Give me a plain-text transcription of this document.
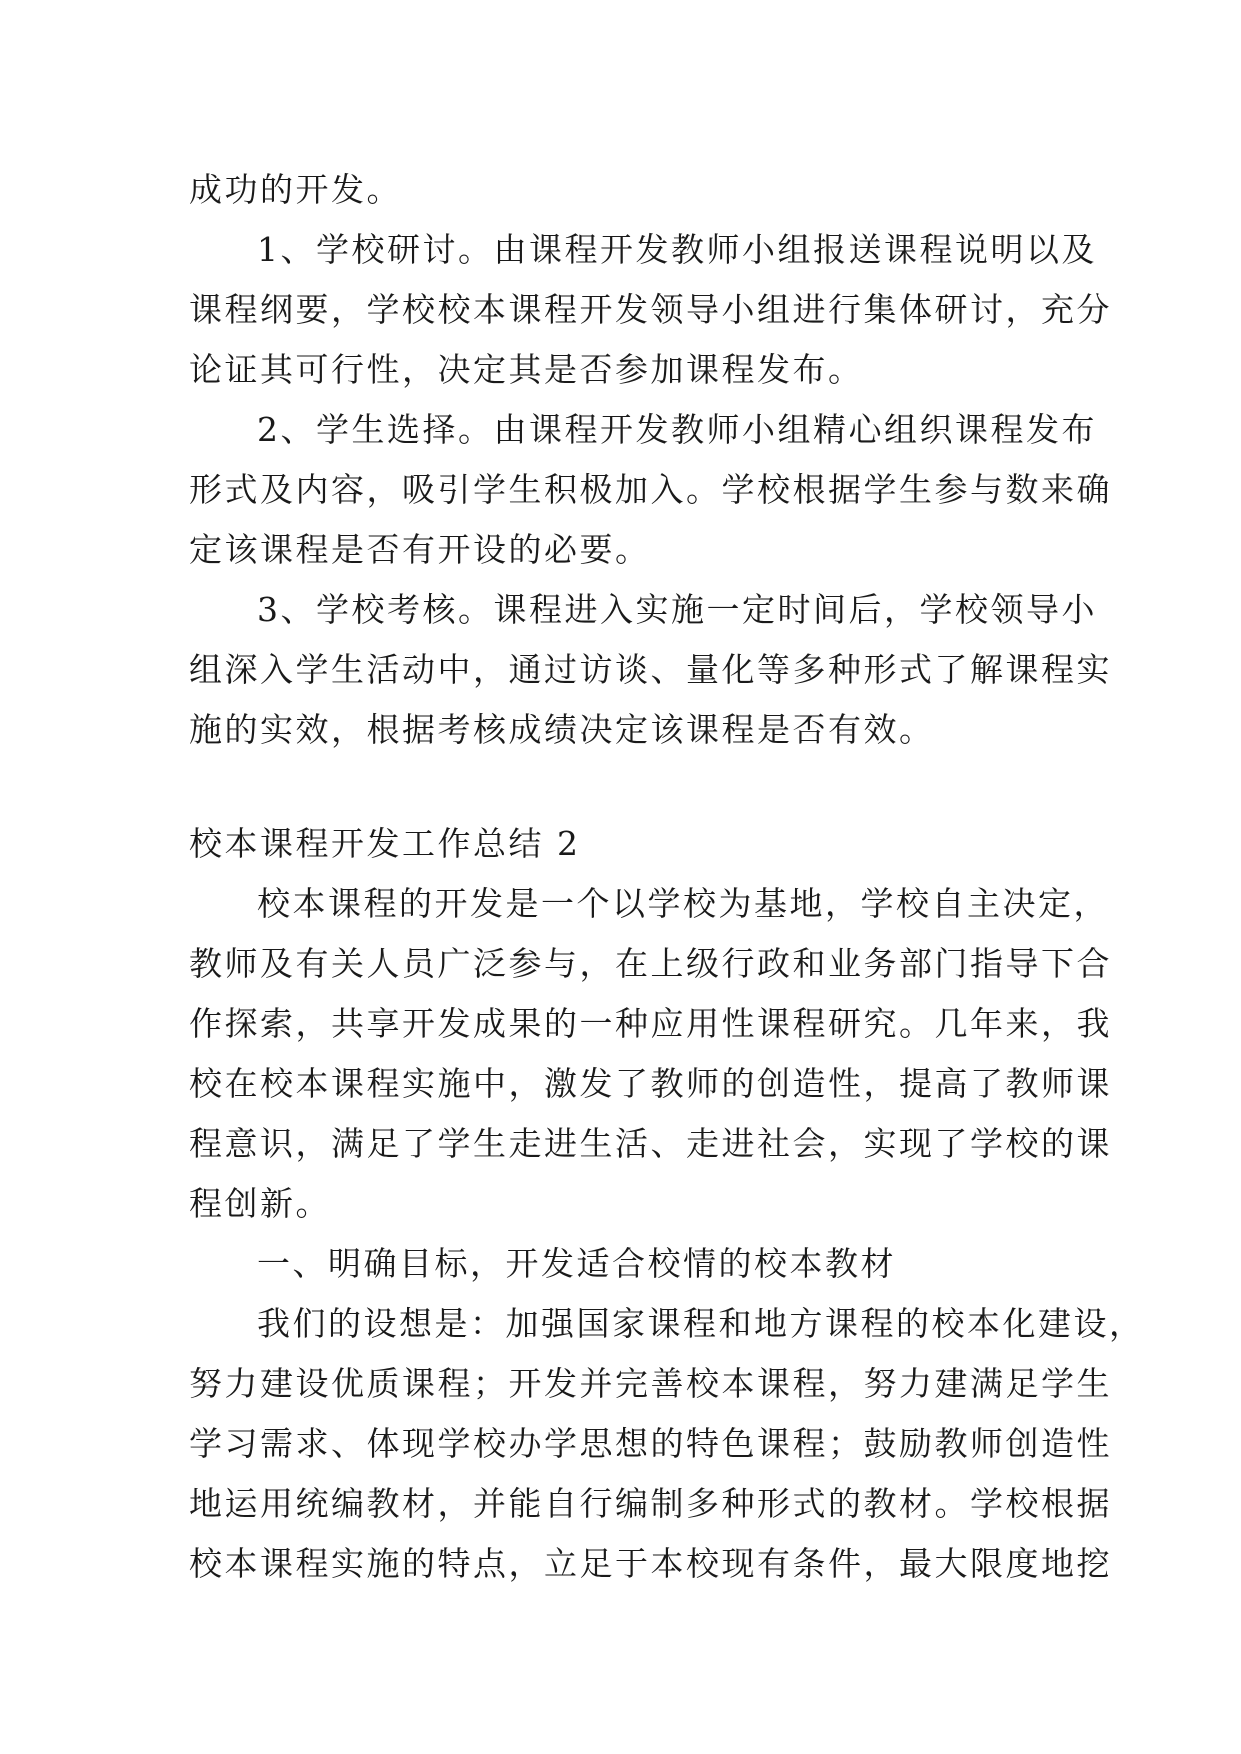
成功的开发。
1、学校研讨。由课程开发教师小组报送课程说明以及
课程纲要，学校校本课程开发领导小组进行集体研讨，充分
论证其可行性，决定其是否参加课程发布。
2、学生选择。由课程开发教师小组精心组织课程发布
形式及内容，吸引学生积极加入。学校根据学生参与数来确
定该课程是否有开设的必要。
3、学校考核。课程进入实施一定时间后，学校领导小
组深入学生活动中，通过访谈、量化等多种形式了解课程实
施的实效，根据考核成绩决定该课程是否有效。
校本课程开发工作总结 2
校本课程的开发是一个以学校为基地，学校自主决定，
教师及有关人员广泛参与，在上级行政和业务部门指导下合
作探索，共享开发成果的一种应用性课程研究。几年来，我
校在校本课程实施中，激发了教师的创造性，提高了教师课
程意识，满足了学生走进生活、走进社会，实现了学校的课
程创新。
一、明确目标，开发适合校情的校本教材
我们的设想是：加强国家课程和地方课程的校本化建设，
努力建设优质课程；开发并完善校本课程，努力建满足学生
学习需求、体现学校办学思想的特色课程；鼓励教师创造性
地运用统编教材，并能自行编制多种形式的教材。学校根据
校本课程实施的特点，立足于本校现有条件，最大限度地挖
